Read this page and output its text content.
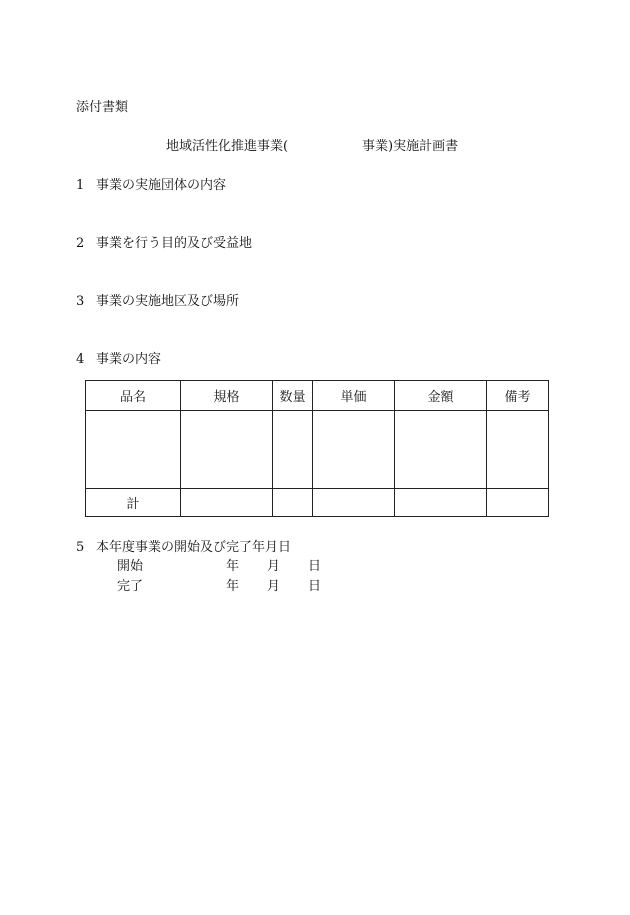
添付書類
地域活性化推進事業(	事業)実施計画書
1 事業の実施団体の内容
2 事業を行う目的及び受益地
3 事業の実施地区及び場所
4 事業の内容
品名	規格	数量	単価	金額	備考

計					
5 本年度事業の開始及び完了年月日
開始	年 月 日
完了	年 月 日
